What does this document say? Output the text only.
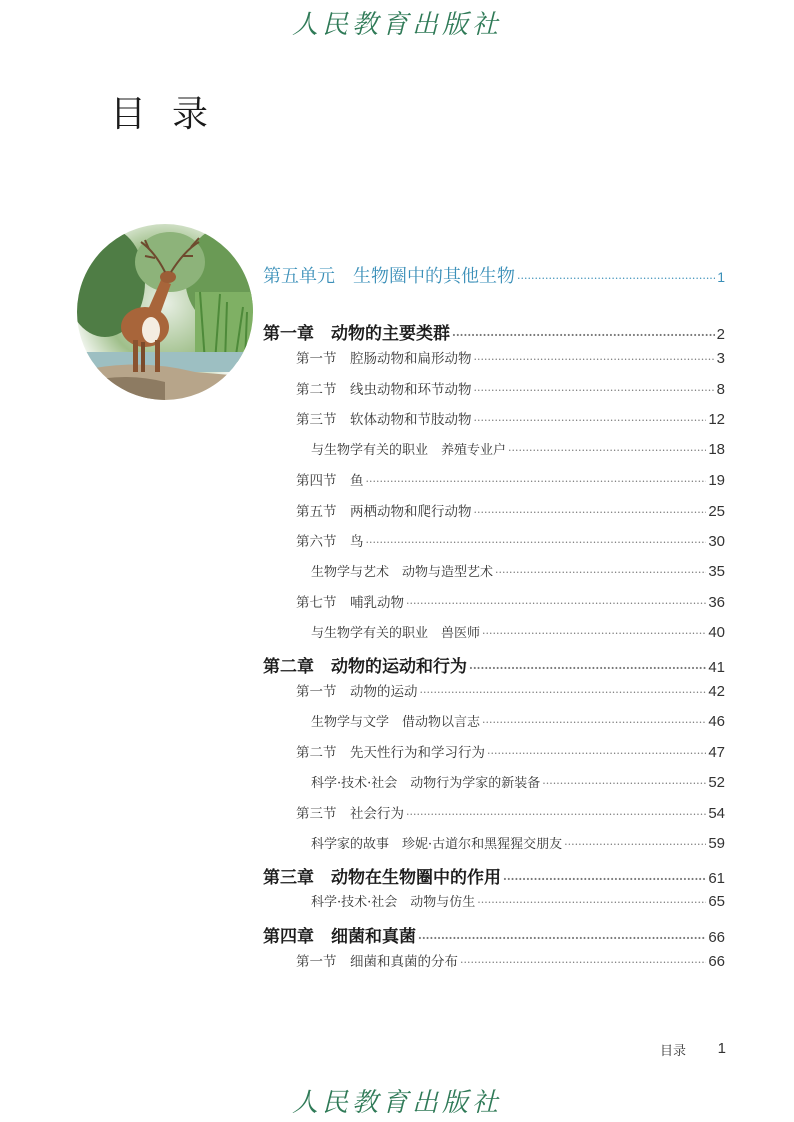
人民教育出版社
目录
第五单元　生物圈中的其他生物 ·····	1
第一章　动物的主要类群 ·····	2
第一节　腔肠动物和扁形动物 ·····	3
第二节　线虫动物和环节动物 ·····	8
第三节　软体动物和节肢动物 ·····	12
与生物学有关的职业　养殖专业户 ·····	18
第四节　鱼 ·····	19
第五节　两栖动物和爬行动物 ·····	25
第六节　鸟 ·····	30
生物学与艺术　动物与造型艺术 ·····	35
第七节　哺乳动物 ·····	36
与生物学有关的职业　兽医师 ·····	40
第二章　动物的运动和行为 ·····	41
第一节　动物的运动 ·····	42
生物学与文学　借动物以言志 ·····	46
第二节　先天性行为和学习行为 ·····	47
科学·技术·社会　动物行为学家的新装备 ·····	52
第三节　社会行为 ·····	54
科学家的故事　珍妮·古道尔和黑猩猩交朋友 ·····	59
第三章　动物在生物圈中的作用 ·····	61
科学·技术·社会　动物与仿生 ·····	65
第四章　细菌和真菌 ·····	66
第一节　细菌和真菌的分布 ·····	66
目录 1
人民教育出版社
